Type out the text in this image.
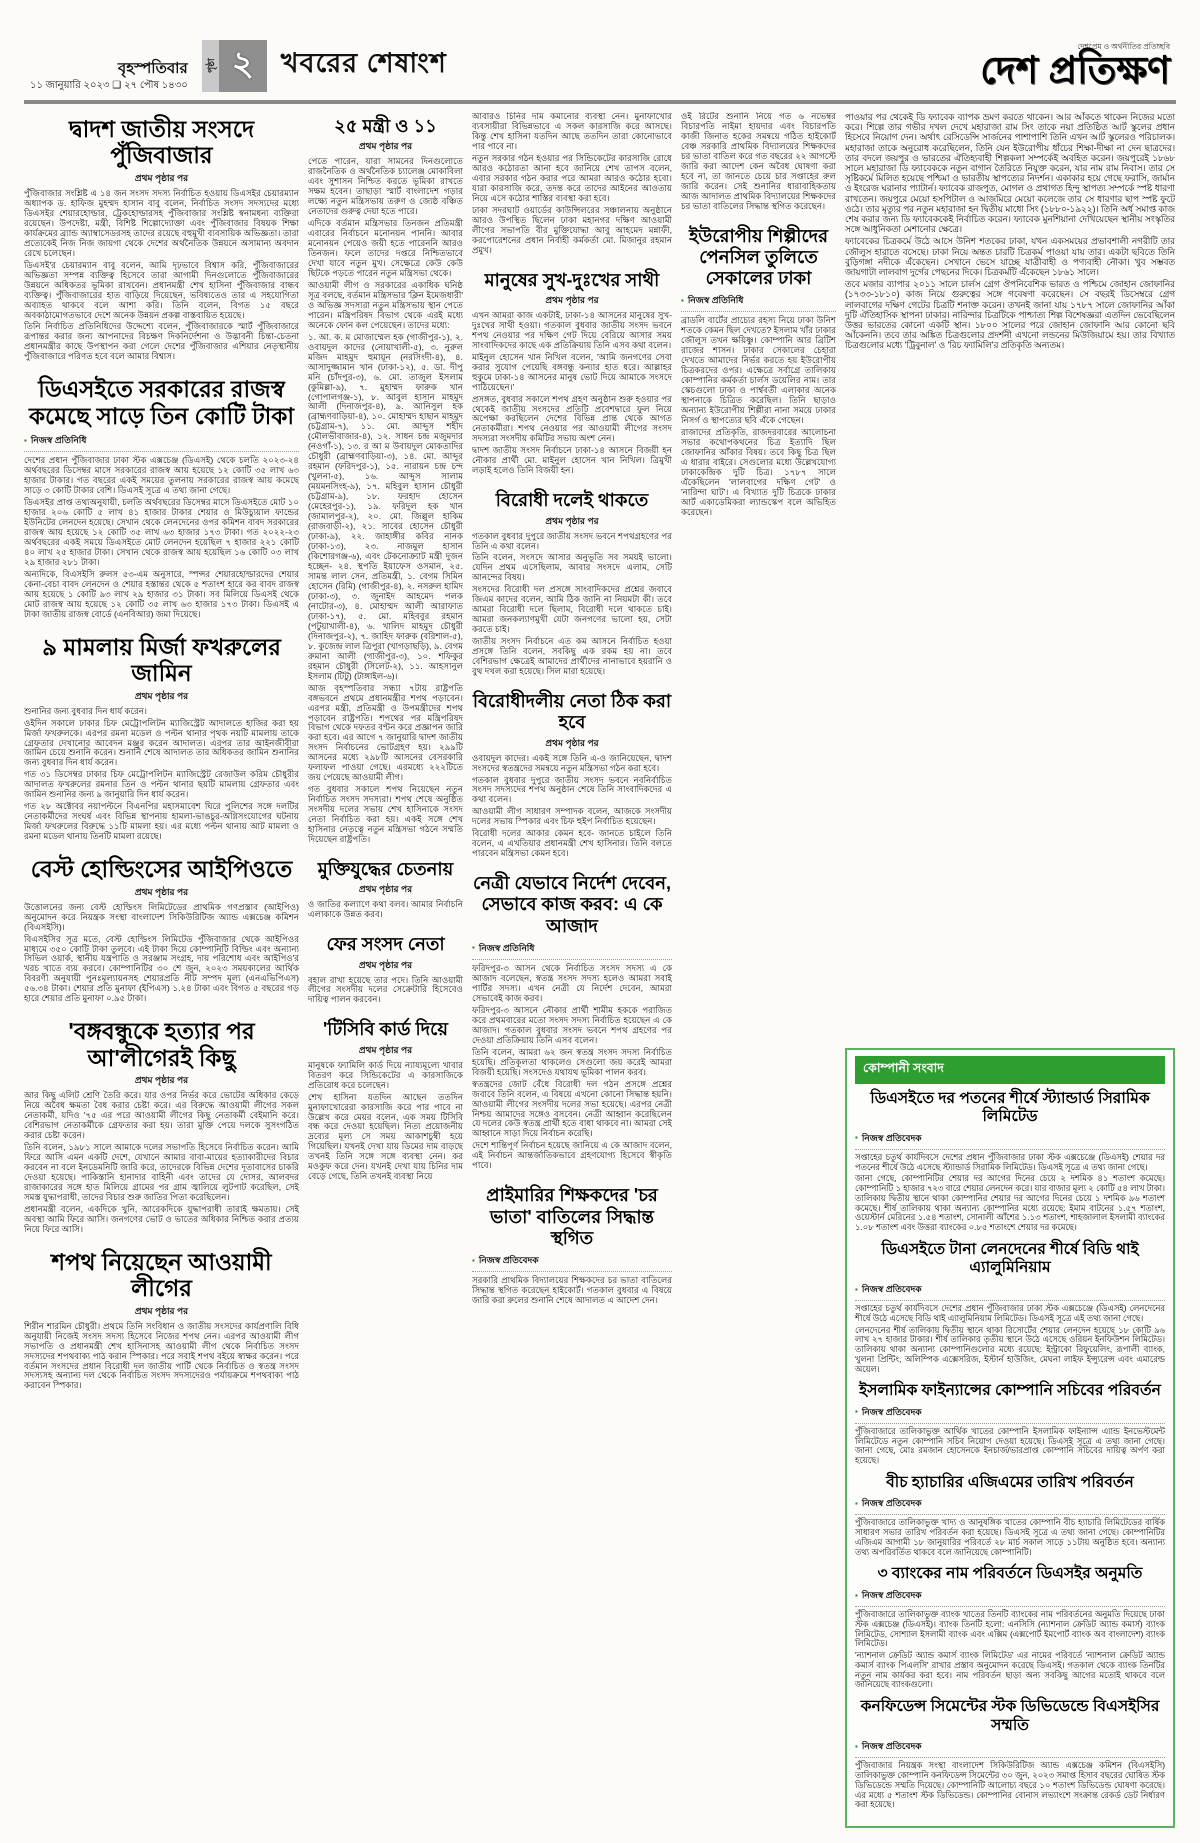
বৃহস্পতিবার
১১ জানুয়ারি ২০২৩ ❑ ২৭ পৌষ ১৪৩০
পৃষ্ঠা ২ খবরের শেষাংশ
দেশপ্রেম ও অর্থনীতির প্রতিচ্ছবি
দেশ প্রতিক্ষণ
দ্বাদশ জাতীয় সংসদে পুঁজিবাজার
প্রথম পৃষ্ঠার পর

পুঁজিবাজার সংশ্লিষ্ট এ ১৪ জন সংসদ সদস্য নির্বাচিত হওয়ায় ডিএসইর চেয়ারম্যান অধ্যাপক ড. হাফিজ মুহম্মদ হাসান বাবু বলেন, নির্বাচিত সংসদ সদস্যদের মধ্যে ডিএসইর শেয়ারহোল্ডার, ট্রেকহোল্ডারসহ পুঁজিবাজার সংশ্লিষ্ট স্বনামধন্য ব্যক্তিরা রয়েছেন। উপদেষ্টা, মন্ত্রী, বিশিষ্ট শিল্পোদ্যোক্তা এবং পুঁজিবাজার বিষয়ক শিক্ষা কার্যক্রমের ব্র্যান্ড অ্যাম্বাসেডরসহ তাদের রয়েছে বহুমুখী ব্যবসায়িক অভিজ্ঞতা। তারা প্রত্যেকেই নিজ নিজ জায়গা থেকে দেশের অর্থনৈতিক উন্নয়নে অসামান্য অবদান রেখে চলেছেন।

ডিএসই'র চেয়ারম্যান বাবু বলেন, আমি দৃঢ়ভাবে বিশ্বাস করি, পুঁজিবাজারের অভিজ্ঞতা সম্পন্ন ব্যক্তিত্ব হিসেবে তারা আগামী দিনগুলোতে পুঁজিবাজারের উন্নয়নে অধিকতর ভূমিকা রাখবেন। প্রধানমন্ত্রী শেখ হাসিনা পুঁজিবাজার বান্ধব ব্যক্তিত্ব। পুঁজিবাজারের হাত বাড়িয়ে দিয়েছেন, ভবিষ্যতেও তার এ সহযোগিতা অব্যাহত থাকবে বলে আশা করি। তিনি বলেন, বিগত ১৫ বছরে অবকাঠামোগতভাবে দেশে অনেক উন্নয়ন প্রকল্প বাস্তবায়িত হয়েছে।

তিনি নির্বাচিত প্রতিনিধিদের উদ্দেশ্যে বলেন, পুঁজিবাজারকে স্মার্ট পুঁজিবাজারে রূপান্তর করার জন্য আপনাদের বিচক্ষণ দিকনির্দেশনা ও উদ্ভাবনী চিন্তা-চেতনা প্রধানমন্ত্রীর কাছে উপস্থাপন করা গেলে দেশের পুঁজিবাজার এশিয়ার নেতৃস্থানীয় পুঁজিবাজারে পরিণত হবে বলে আমার বিশ্বাস।

ডিএসইতে সরকারের রাজস্ব কমেছে সাড়ে তিন কোটি টাকা
▪ নিজস্ব প্রতিনিধি

দেশের প্রধান পুঁজিবাজার ঢাকা স্টক এক্সচেঞ্জ (ডিএসই) থেকে চলতি ২০২৩-২৪ অর্থবছরের ডিসেম্বর মাসে সরকারের রাজস্ব আয় হয়েছে ১২ কোটি ৩৫ লাখ ৬৩ হাজার টাকার। গত বছরের একই সময়ের তুলনায় সরকারের রাজস্ব আয় কমেছে সাড়ে ৩ কোটি টাকার বেশি। ডিএসই সূত্রে এ তথ্য জানা গেছে।

ডিএসইর প্রাপ্ত তথ্যঅনুযায়ী, চলতি অর্থবছরের ডিসেম্বর মাসে ডিএসইতে মোট ১০ হাজার ২০৬ কোটি ৫ লাখ ৪১ হাজার টাকার শেয়ার ও মিউচ্যুয়াল ফান্ডের ইউনিটের লেনদেন হয়েছে। সেখান থেকে লেনদেনের ওপর কমিশন বাবদ সরকারের রাজস্ব আয় হয়েছে ১২ কোটি ৩৫ লাখ ৬৩ হাজার ১৭৩ টাকা। গত ২০২২-২৩ অর্থবছরের একই সময়ে ডিএসইতে মোট লেনদেন হয়েছিল ৭ হাজার ২২১ কোটি ৪০ লাখ ২৫ হাজার টাকা। সেখান থেকে রাজস্ব আয় হয়েছিল ১৬ কোটি ০৩ লাখ ২৯ হাজার ২৮১ টাকা।

অন্যদিকে, বিএসইসি রুলস ৫৩-এম অনুসারে, স্পন্সর শেয়ারহোল্ডারদের শেয়ার কেনা-বেচা বাবদ লেনদেন ও শেয়ার হস্তান্তর থেকে ৫ শতাংশ হারে কর বাবদ রাজস্ব আয় হয়েছে ১ কোটি ৯৩ লাখ ২৯ হাজার ৩১ টাকা। সব মিলিয়ে ডিএসই থেকে মোট রাজস্ব আয় হয়েছে ১২ কোটি ৩৫ লাখ ৬৩ হাজার ১৭৩ টাকা। ডিএসই এ টাকা জাতীয় রাজস্ব বোর্ডে (এনবিআর) জমা দিয়েছে।

৯ মামলায় মির্জা ফখরুলের জামিন
প্রথম পৃষ্ঠার পর

শুনানির জন্য বুধবার দিন ধার্য করেন।

ওইদিন সকালে ঢাকার চিফ মেট্রোপলিটন ম্যাজিস্ট্রেট আদালতে হাজির করা হয় মির্জা ফখরুলকে। এরপর রমনা মডেল ও পল্টন থানার পৃথক নয়টি মামলায় তাকে গ্রেফতার দেখানোর আবেদন মঞ্জুর করেন আদালত। এরপর তার আইনজীবীরা জামিন চেয়ে শুনানি করেন। শুনানি শেষে আদালত তার অধিকতর জামিন শুনানির জন্য বুধবার দিন ধার্য করেন।

গত ৩১ ডিসেম্বর ঢাকার চিফ মেট্রোপলিটন ম্যাজিস্ট্রেট রেজাউল করিম চৌধুরীর আদালত ফখরুলের রমনার তিন ও পল্টন থানার ছয়টি মামলায় গ্রেফতার এবং জামিন শুনানির জন্য ৯ জানুয়ারি দিন ধার্য করেন।

গত ২৮ অক্টোবর নয়াপল্টনে বিএনপির মহাসমাবেশ ঘিরে পুলিশের সঙ্গে দলটির নেতাকর্মীদের সংঘর্ষ এবং বিভিন্ন স্থাপনায় হামলা-ভাঙচুর-অগ্নিসংযোগের ঘটনায় মির্জা ফখরুলের বিরুদ্ধে ১১টি মামলা হয়। এর মধ্যে পল্টন থানায় আট মামলা ও রমনা মডেল থানায় তিনটি মামলা রয়েছে।

বেস্ট হোল্ডিংসের আইপিওতে
প্রথম পৃষ্ঠার পর

উত্তোলনের জন্য বেস্ট হোল্ডিংস লিমিটেডের প্রাথমিক গণপ্রস্তাব (আইপিও) অনুমোদন করে নিয়ন্ত্রক সংস্থা বাংলাদেশ সিকিউরিটিজ অ্যান্ড এক্সচেঞ্জ কমিশন (বিএসইসি)।

বিএসইসির সূত্র মতে, বেস্ট হোল্ডিংস লিমিটেড পুঁজিবাজার থেকে আইপিওর মাধ্যমে ৩৫০ কোটি টাকা তুলবে। এই টাকা দিয়ে কোম্পানিটি বিল্ডিং এবং অন্যান্য সিভিল ওয়ার্ক, স্থানীয় যন্ত্রপাতি ও সরঞ্জাম সংগ্রহ, দায় পরিশোধ এবং আইপিও'র খরচ খাতে ব্যয় করবে। কোম্পানিটির ৩০ শে জুন, ২০২৩ সময়কালের আর্থিক বিবরণী অনুযায়ী পুনঃমূল্যায়নসহ শেয়ারপ্রতি নীট সম্পদ মূল্য (এনএভিপিএস) ৫৬.৩৪ টাকা। শেয়ার প্রতি মুনাফা (ইপিএস) ১.২৪ টাকা এবং বিগত ৫ বছরের গড় হারে শেয়ার প্রতি মুনাফা ০.৯৫ টাকা।

'বঙ্গবন্ধুকে হত্যার পর আ'লীগেরই কিছু
প্রথম পৃষ্ঠার পর

আর কিছু এলিট শ্রেণি তৈরি করে। যার ওপর নির্ভর করে ভোটের অধিকার কেড়ে নিয়ে অবৈধ ক্ষমতা বৈধ করার চেষ্টা করে। এর বিরুদ্ধে আওয়ামী লীগের সকল নেতাকর্মী, যদিও '৭৫ এর পরে আওয়ামী লীগের কিছু নেতাকর্মী বেইমানি করে। বেশিরভাগ নেতাকর্মীকে গ্রেফতার করা হয়। তারা মুক্তি পেয়ে দলকে সুসংগঠিত করার চেষ্টা করেন।

তিনি বলেন, ১৯৮১ সালে আমাকে দলের সভাপতি হিসেবে নির্বাচিত করেন। আমি ফিরে আসি এমন একটি দেশে, যেখানে আমার বাবা-মায়ের হত্যাকারীদের বিচার করবেন না বলে ইনডেমনিটি জারি করে, তাদেরকে বিভিন্ন দেশের দূতাবাসের চাকরি দেওয়া হয়েছে। পাকিস্তানি হানাদার বাহিনী এবং তাদের যে দোসর, আলবদর রাজাকারের সঙ্গে হাত মিলিয়ে গ্রামের পর গ্রাম জ্বালিয়ে লুটপাট করেছিল, সেই সমস্ত যুদ্ধাপরাধী, তাদের বিচার শুরু জাতির পিতা করেছিলেন।

প্রধানমন্ত্রী বলেন, একদিকে খুনি, আরেকদিকে যুদ্ধাপরাধী তারাই ক্ষমতায়। সেই অবস্থা আমি ফিরে আসি। জনগণের ভোট ও ভাতের অধিকার নিশ্চিত করার প্রত্যয় নিয়ে ফিরে আসি।

শপথ নিয়েছেন আওয়ামী লীগের
প্রথম পৃষ্ঠার পর

শিরীন শারমিন চৌধুরী। প্রথমে তিনি সংবিধান ও জাতীয় সংসদের কার্যপ্রণালি বিধি অনুযায়ী নিজেই সংসদ সদস্য হিসেবে নিজের শপথ নেন। এরপর আওয়ামী লীগ সভাপতি ও প্রধানমন্ত্রী শেখ হাসিনাসহ আওয়ামী লীগ থেকে নির্বাচিত সংসদ সদস্যদের শপথবাক্য পাঠ করান স্পিকার। পরে সবাই শপথ বইয়ে স্বাক্ষর করেন। পরে বর্তমান সংসদের প্রধান বিরোধী দল জাতীয় পার্টি থেকে নির্বাচিত ও স্বতন্ত্র সংসদ সদস্যসহ অন্যান্য দল থেকে নির্বাচিত সংসদ সদস্যদেরও পর্যায়ক্রমে শপথবাক্য পাঠ করাবেন স্পিকার।

২৫ মন্ত্রী ও ১১
প্রথম পৃষ্ঠার পর

পেতে পারেন, যারা সামনের দিনগুলোতে রাজনৈতিক ও অর্থনৈতিক চ্যালেঞ্জ মোকাবিলা এবং সুশাসন নিশ্চিত করতে ভূমিকা রাখতে সক্ষম হবেন। তাছাড়া স্মার্ট বাংলাদেশ গড়ার লক্ষ্যে নতুন মন্ত্রিসভায় তরুণ ও জ্যেষ্ঠ বঞ্চিত নেতাদের গুরুত্ব দেয়া হতে পারে।

এদিকে বর্তমান মন্ত্রিসভার তিনজন প্রতিমন্ত্রী এবারের নির্বাচনে মনোনয়ন পাননি। আবার মনোনয়ন পেয়েও জয়ী হতে পারেননি আরও তিনজন। ফলে তাদের দপ্তরে নিশ্চিতভাবে দেখা যাবে নতুন মুখ। সেক্ষেত্রে কেউ কেউ ছিটকে পড়তে পারেন নতুন মন্ত্রিসভা থেকে।

আওয়ামী লীগ ও সরকারের একাধিক ঘনিষ্ঠ সূত্র বলছে, বর্তমান মন্ত্রিসভার 'ক্লিন ইমেজধারী' ও অভিজ্ঞ সদস্যরা নতুন মন্ত্রিসভায় স্থান পেতে পারেন। মন্ত্রিপরিষদ বিভাগ থেকে এরই মধ্যে অনেকে ফোন কল পেয়েছেন। তাদের মধ্যে:

১. আ. ক. ম মোজাম্মেল হক (গাজীপুর-১), ২. ওবায়দুল কাদের (নোয়াখালী-৫), ৩. নুরুল মজিদ মাহমুদ হুমায়ূন (নরসিংদী-৪), ৪. আসাদুজ্জামান খান (ঢাকা-১২), ৫. ডা. দীপু মনি (চাঁদপুর-৩), ৬. মো. তাজুল ইসলাম (কুমিল্লা-৯), ৭. মুহাম্মদ ফারুক খান (গোপালগঞ্জ-১), ৮. আবুল হাসান মাহমুদ আলী (দিনাজপুর-৪), ৯. আনিসুল হক (ব্রাহ্মণবাড়িয়া-৪), ১০. মোহাম্মদ হাছান মাহমুদ (চট্টগ্রাম-৭), ১১. মো. আব্দুস শহীদ (মৌলভীবাজার-৪), ১২. সাধন চন্দ্র মজুমদার (নওগাঁ-১), ১৩. র আ ম উবায়দুল মোকতাদির চৌধুরী (ব্রাহ্মণবাড়িয়া-৩), ১৪. মো. আব্দুর রহমান (ফরিদপুর-১), ১৫. নারায়ন চন্দ্র চন্দ (খুলনা-৫), ১৬. আব্দুস সালাম (ময়মনসিংহ-৯), ১৭. মহিবুল হাসান চৌধুরী (চট্টগ্রাম-৯), ১৮. ফরহাদ হোসেন (মেহেরপুর-১), ১৯. ফরিদুল হক খান (জামালপুর-২), ২০. মো. জিল্লুল হাকিম (রাজবাড়ী-২), ২১. সাবের হোসেন চৌধুরী (ঢাকা-৯), ২২. জাহাঙ্গীর কবির নানক (ঢাকা-১৩), ২৩. নাজমুল হাসান (কিশোরগঞ্জ-৬), এবং টেকনোক্র্যাট মন্ত্রী দুজন হচ্ছেন- ২৪. স্থপতি ইয়াফেস ওসমান, ২৫. সামন্ত লাল সেন, প্রতিমন্ত্রী, ১. বেগম সিমিন হোসেন (রিমি) (গাজীপুর-৪), ২. নসরুল হামিদ (ঢাকা-৩), ৩. জুনাইদ আহমেদ পলক (নাটোর-৩), ৪. মোহাম্মদ আলী আরাফাত (ঢাকা-১৭), ৫. মো. মহিববুর রহমান (পটুয়াখালী-৪), ৬. খালিদ মাহমুদ চৌধুরী (দিনাজপুর-২), ৭. জাহিদ ফারুক (বরিশাল-৫), ৮. কুজেন্দ্র লাল ত্রিপুরা (খাগড়াছড়ি), ৯. বেগম রুমানা আলী (গাজীপুর-৩), ১০. শফিকুর রহমান চৌধুরী (সিলেট-২), ১১. আহসানুল ইসলাম (টিটু) (টাঙ্গাইল-৬)।

আজ বৃহস্পতিবার সন্ধ্যা ৭টায় রাষ্ট্রপতি বঙ্গভবনে প্রথমে প্রধানমন্ত্রীর শপথ পড়াবেন। এরপর মন্ত্রী, প্রতিমন্ত্রী ও উপমন্ত্রীদের শপথ পড়াবেন রাষ্ট্রপতি। শপথের পর মন্ত্রিপরিষদ বিভাগ থেকে দফতর বণ্টন করে প্রজ্ঞাপন জারি করা হবে। এর আগে ৭ জানুয়ারি দ্বাদশ জাতীয় সংসদ নির্বাচনের ভোটগ্রহণ হয়। ২৯৯টি আসনের মধ্যে ২৯৮টি আসনের বেসরকারি ফলাফল পাওয়া গেছে। এরমধ্যে ২২২টিতে জয় পেয়েছে আওয়ামী লীগ।

গত বুধবার সকালে শপথ নিয়েছেন নতুন নির্বাচিত সংসদ সদস্যরা। শপথ শেষে অনুষ্ঠিত সংসদীয় দলের সভায় শেখ হাসিনাকে সংসদ নেতা নির্বাচিত করা হয়। একই সঙ্গে শেখ হাসিনার নেতৃত্বে নতুন মন্ত্রিসভা গঠনে সম্মতি দিয়েছেন রাষ্ট্রপতি।

মুক্তিযুদ্ধের চেতনায়
প্রথম পৃষ্ঠার পর

ও জাতির কল্যাণে কথা বলব। আমার নির্বাচনি এলাকাকে উন্নত করব।

ফের সংসদ নেতা
প্রথম পৃষ্ঠার পর

বহাল রাখা হয়েছে তার পদে। তিনি আওয়ামী লীগের সংসদীয় দলের সেক্রেটারি হিসেবেও দায়িত্ব পালন করবেন।

'টিসিবি কার্ড দিয়ে
প্রথম পৃষ্ঠার পর

মানুষকে ফ্যামিলি কার্ড দিয়ে ন্যায্যমূল্যে খাবার বিতরণ করে সিন্ডিকেটের এ কারসাজিকে প্রতিরোধ করে চলেছেন।

শেখ হাসিনা যতদিন আছেন ততদিন মুনাফাখোরেরা কারসাজি করে পার পাবে না উল্লেখ করে মেয়র বলেন, এক সময় টিসিবি বন্ধ করে দেওয়া হয়েছিল। নিত্য প্রয়োজনীয় দ্রব্যের মূল্য সে সময় আকাশচুম্বী হয়ে গিয়েছিল। যখনই দেখা যায় ডিমের দাম বাড়ছে তখনই তিনি সঙ্গে সঙ্গে ব্যবস্থা নেন। কর মওকুফ করে দেন। যখনই দেখা যায় চিনির দাম বেড়ে গেছে, তিনি তখনই ব্যবস্থা নিয়ে

আবারও চিনির দাম কমানোর ব্যবস্থা নেন। মুনাফাখোর ব্যবসায়ীরা বিভিন্নভাবে এ সকল কারসাজি করে আসছে। কিন্তু শেখ হাসিনা যতদিন আছে ততদিন তারা কোনোভাবে পার পাবে না।

নতুন সরকার গঠন হওয়ার পর সিন্ডিকেটের কারসাজি রোধে আরও কঠোরতা আনা হবে জানিয়ে শেখ তাপস বলেন, এবার সরকার গঠন করার পরে আমরা আরও কঠোর হবো। যারা কারসাজি করে, তদন্ত করে তাদের আইনের আওতায় নিয়ে এসে কঠোর শাস্তির ব্যবস্থা করা হবে।

ঢাকা সদরঘাট ওয়ার্ডের কাউন্সিলরের সঞ্চালনায় অনুষ্ঠানে আরও উপস্থিত ছিলেন ঢাকা মহানগর দক্ষিণ আওয়ামী লীগের সভাপতি বীর মুক্তিযোদ্ধা আবু আহমেদ মন্নাফী, করপোরেশনের প্রধান নির্বাহী কর্মকর্তা মো. মিজানুর রহমান প্রমুখ।

মানুষের সুখ-দুঃখের সাথী
প্রথম পৃষ্ঠার পর

এখন আমরা কাজ একটাই, ঢাকা-১৪ আসনের মানুষের সুখ-দুঃখের সাথী হওয়া। গতকাল বুধবার জাতীয় সংসদ ভবনে শপথ নেওয়ার পর দক্ষিণ গেট দিয়ে বেরিয়ে আসার সময় সাংবাদিকদের কাছে এক প্রতিক্রিয়ায় তিনি এসব কথা বলেন।

মাইনুল হোসেন খান নিখিল বলেন, 'আমি জনগণের সেবা করার সুযোগ পেয়েছি বঙ্গবন্ধু কন্যার হাত ধরে। আল্লাহর হুকুমে ঢাকা-১৪ আসনের মানুষ ভোট দিয়ে আমাকে সংসদে পাঠিয়েছেন।'

প্রসঙ্গত, বুধবার সকালে শপথ গ্রহণ অনুষ্ঠান শুরু হওয়ার পর থেকেই জাতীয় সংসদের প্রতিটি প্রবেশদ্বারে ফুল নিয়ে অপেক্ষা করছিলেন দেশের বিভিন্ন প্রান্ত থেকে আগত নেতাকর্মীরা। শপথ নেওয়ার পর আওয়ামী লীগের সংসদ সদস্যরা সংসদীয় কমিটির সভায় অংশ নেন।

দ্বাদশ জাতীয় সংসদ নির্বাচনে ঢাকা-১৪ আসনে বিজয়ী হন নৌকার প্রার্থী মো. মাইনুল হোসেন খান নিখিল। ত্রিমুখী লড়াই হলেও তিনি বিজয়ী হন।

বিরোধী দলেই থাকতে
প্রথম পৃষ্ঠার পর

গতকাল বুধবার দুপুরে জাতীয় সংসদ ভবনে শপথগ্রহণের পর তিনি এ কথা বলেন।

তিনি বলেন, সংসদে আসার অনুভূতি সব সময়ই ভালো। যেদিন প্রথম এসেছিলাম, আবার সংসদে এলাম, সেটি আনন্দের বিষয়।

সংসদের বিরোধী দল প্রসঙ্গে সাংবাদিকদের প্রশ্নের জবাবে জিএম কাদের বলেন, আমি ঠিক জানি না নিয়মটা কী। তবে আমরা বিরোধী দলে ছিলাম, বিরোধী দলে থাকতে চাই। আমরা জনকল্যাণমুখী যেটা জনগণের ভালো হয়, সেটা করতে চাই।

জাতীয় সংসদ নির্বাচনে এত কম আসনে নির্বাচিত হওয়া প্রসঙ্গে তিনি বলেন, সবকিছু এক রকম হয় না। তবে বেশিরভাগ ক্ষেত্রেই আমাদের প্রার্থীদের নানাভাবে হয়রানি ও বুথ দখল করা হয়েছে। সিল মারা হয়েছে।

বিরোধীদলীয় নেতা ঠিক করা হবে
প্রথম পৃষ্ঠার পর

ওবায়দুল কাদের। একই সঙ্গে তিনি এ-ও জানিয়েছেন, দ্বাদশ সংসদের স্বতন্ত্রদের সমন্বয়ে নতুন মন্ত্রিসভা গঠন করা হবে।

গতকাল বুধবার দুপুরে জাতীয় সংসদ ভবনে নবনির্বাচিত সংসদ সদস্যদের শপথ অনুষ্ঠান শেষে তিনি সাংবাদিকদের এ কথা বলেন।

আওয়ামী লীগ সাধারণ সম্পাদক বলেন, আজকে সংসদীয় দলের সভায় স্পিকার এবং চিফ হুইপ নির্বাচিত হয়েছেন।

বিরোধী দলের আকার কেমন হবে- জানতে চাইলে তিনি বলেন, এ এখতিয়ার প্রধানমন্ত্রী শেখ হাসিনার। তিনি বলতে পারবেন মন্ত্রিসভা কেমন হবে।

নেত্রী যেভাবে নির্দেশ দেবেন, সেভাবে কাজ করব: এ কে আজাদ
▪ নিজস্ব প্রতিনিধি

ফরিদপুর-৩ আসন থেকে নির্বাচিত সংসদ সদস্য এ কে আজাদ বলেছেন, স্বতন্ত্র সংসদ সদস্য হলেও আমরা সবাই পার্টির সদস্য। এখন নেত্রী যে নির্দেশ দেবেন, আমরা সেভাবেই কাজ করব।

ফরিদপুর-৩ আসনে নৌকার প্রার্থী শামীম হককে পরাজিত করে প্রথমবারের মতো সংসদ সদস্য নির্বাচিত হয়েছেন এ কে আজাদ। গতকাল বুধবার সংসদ ভবনে শপথ গ্রহণের পর দেওয়া প্রতিক্রিয়ায় তিনি এসব বলেন।

তিনি বলেন, আমরা ৬২ জন স্বতন্ত্র সংসদ সদস্য নির্বাচিত হয়েছি। প্রতিকূলতা থাকলেও সেগুলো জয় করেই আমরা বিজয়ী হয়েছি। সংসদেও যথাযথ ভূমিকা পালন করব।

স্বতন্ত্রদের জোট বেঁধে বিরোধী দল গঠন প্রসঙ্গে প্রশ্নের জবাবে তিনি বলেন, এ বিষয়ে এখনো কোনো সিদ্ধান্ত হয়নি। আওয়ামী লীগের সংসদীয় দলের সভা হয়েছে। এরপর নেত্রী নিশ্চয় আমাদের সঙ্গেও বসবেন। নেত্রী আহ্বান করেছিলেন যে দলের কেউ স্বতন্ত্র প্রার্থী হতে বাধা থাকবে না। আমরা সেই আহ্বানে সাড়া দিয়ে নির্বাচন করেছি।

দেশে শান্তিপূর্ণ নির্বাচন হয়েছে জানিয়ে এ কে আজাদ বলেন, এই নির্বাচন আন্তর্জাতিকভাবে গ্রহণযোগ্য হিসেবে স্বীকৃতি পাবে।

প্রাইমারির শিক্ষকদের 'চর ভাতা' বাতিলের সিদ্ধান্ত স্থগিত
▪ নিজস্ব প্রতিবেদক

সরকারি প্রাথমিক বিদ্যালয়ের শিক্ষকদের চর ভাতা বাতিলের সিদ্ধান্ত স্থগিত করেছেন হাইকোর্ট। গতকাল বুধবার এ বিষয়ে জারি করা রুলের শুনানি শেষে আদালত এ আদেশ দেন।

ওই রিটের শুনানি নিয়ে গত ৬ নভেম্বর বিচারপতি নাইমা হায়দার এবং বিচারপতি কাজী জিনাত হকের সমন্বয়ে গঠিত হাইকোর্ট বেঞ্চ সরকারি প্রাথমিক বিদ্যালয়ের শিক্ষকদের চর ভাতা বাতিল করে গত বছরের ২২ আগস্টে জারি করা আদেশ কেন অবৈধ ঘোষণা করা হবে না, তা জানতে চেয়ে চার সপ্তাহের রুল জারি করেন। সেই শুনানির ধারাবাহিকতায় আজ আদালত প্রাথমিক বিদ্যালয়ের শিক্ষকদের চর ভাতা বাতিলের সিদ্ধান্ত স্থগিত করেছেন।

ইউরোপীয় শিল্পীদের পেনসিল তুলিতে সেকালের ঢাকা
▪ নিজস্ব প্রতিনিধি

ব্রাডলি বার্টের প্রাচ্যের রহস্য নিয়ে ঢাকা উনিশ শতকে কেমন ছিল দেখতে? ইসলাম খাঁর ঢাকার জৌলুস তখন ক্ষয়িষ্ণু। কোম্পানি আর ব্রিটিশ রাজের শাসন। ঢাকার সেকালের চেহারা দেখতে আমাদের নির্ভর করতে হয় ইউরোপীয় চিত্রকরদের ওপর। এক্ষেত্রে সর্বাগ্রে তালিকায় কোম্পানির কর্মকর্তা চার্লস ডয়েলির নাম। তার স্কেচগুলো ঢাকা ও পার্শ্ববর্তী এলাকার অনেক স্থাপনাকে চিত্রিত করেছিল। তিনি ছাড়াও অন্যান্য ইউরোপীয় শিল্পীরা নানা সময়ে ঢাকার নিসর্গ ও স্থাপত্যের ছবি এঁকে গেছেন।

রাজাদের প্রতিকৃতি, রাজদরবারের আলোচনা সভার কথোপকথনের চিত্র ইত্যাদি ছিল জোফানির আঁকার বিষয়। তবে কিছু চিত্র ছিল এ ধারার বাইরে। সেগুলোর মধ্যে উল্লেখযোগ্য ঢাকাকেন্দ্রিক দুটি চিত্র। ১৭৮৭ সালে এঁকেছিলেন 'লালবাগের দক্ষিণ গেট' ও 'নারিন্দা ঘাট'। এ বিখ্যাত দুটি চিত্রকে ঢাকার আর্ট একাডেমিকরা ল্যান্ডস্কেপ বলে অভিহিত করেছেন।

পাওয়ার পর থেকেই ডি ফ্যাবেক ব্যাপক ভ্রমণ করতে থাকেন। আর আঁকতে থাকেন নিজের মতো করে। শিল্পে তার গভীর দখল দেখে মহারাজা রাম সিং তাকে নয়া প্রতিষ্ঠিত আর্ট স্কুলের প্রধান হিসেবে নিয়োগ দেন। অর্থাৎ রেসিডেন্সি সার্জনের পাশাপাশি তিনি এখন আর্ট স্কুলেরও পরিচালক। মহারাজা তাকে অনুরোধ করেছিলেন, তিনি যেন ইউরোপীয় ধাঁচের শিক্ষা-দীক্ষা না দেন ছাত্রদের। তার বদলে জয়পুর ও ভারতের ঐতিহ্যবাহী শিল্পকলা সম্পর্কেই অবহিত করেন। জয়পুরেই ১৮৬৮ সালে মহারাজা ডি ফ্যাবেককে নতুন বাগান তৈরিতে নিযুক্ত করেন, যার নাম রাম নিবাস। তার সে সৃষ্টিকর্মে মিলিত হয়েছে পশ্চিমা ও ভারতীয় স্থাপত্যের নিদর্শন। একাকার হয়ে গেছে ফরাসি, জার্মান ও ইংরেজ ঘরানার প্যাটার্ন। ফ্যাবেক রাজপুত, মোগল ও প্রথাগত হিন্দু স্থাপত্য সম্পর্কে স্পষ্ট ধারণা রাখতেন। জয়পুরে মেয়ো হসপিটাল ও আজমিরে মেয়ো কলেজে তার সে ধারণার ছাপ স্পষ্ট ফুটে ওঠে। তার মৃত্যুর পর নতুন মহারাজা হন দ্বিতীয় মাধো সিং (১৮৮০-১৯২২)। তিনি অর্ধ সমাপ্ত কাজ শেষ করার জন্য ডি ফ্যাবেককেই নির্বাচিত করেন। ফ্যাবেক মুনশিয়ানা দেখিয়েছেন স্থানীয় সংস্কৃতির সঙ্গে আধুনিকতা মেশানোর ক্ষেত্রে।

ফ্যাবেকের চিত্রকর্মে উঠে আসে উনিশ শতকের ঢাকা, যখন একসময়ের প্রভাবশালী নগরীটি তার জৌলুস হারাতে বসেছে। ঢাকা নিয়ে অন্তত চারটি চিত্রকর্ম পাওয়া যায় তার। একটা ছবিতে তিনি বুড়িগঙ্গা নদীকে এঁকেছেন। সেখানে ভেসে যাচ্ছে যাত্রীবাহী ও পণ্যবাহী নৌকা। খুব সম্ভবত জায়গাটা লালবাগ দুর্গের পেছনের দিকে। চিত্রকর্মটি এঁকেছেন ১৮৬১ সালে।

তবে মজার ব্যাপার ২০১১ সালে চার্লস গ্রেগ ঔপনিবেশিক ভারত ও পশ্চিমে জোহান জোফানির (১৭৩৩-১৮১০) কাজ নিয়ে গুরুত্বের সঙ্গে গবেষণা করেছেন। সে বছরই ডিসেম্বরে গ্রেগ লালবাগের দক্ষিণ গেটের চিত্রটি শনাক্ত করেন। তখনই জানা যায় ১৭৮৭ সালে জোফানির আঁকা দুটি ঐতিহাসিক স্থাপনা ঢাকার। নারিন্দার চিত্রটিকে পাশ্চাত্য শিল্প বিশেষজ্ঞরা এতদিন ভেবেছিলেন উত্তর ভারতের কোনো একটি স্থান। ১৮০০ সালের পরে জোহান জোফানি আর কোনো ছবি আঁকেননি। তবে তার অঙ্কিত চিত্রগুলোর প্রদর্শনী এখনো লন্ডনের মিউজিয়ামে হয়। তার বিখ্যাত চিত্রগুলোর মধ্যে 'ট্রিবুনাল' ও 'রিচ ফ্যামিলি'র প্রতিকৃতি অন্যতম।

কোম্পানী সংবাদ
ডিএসইতে দর পতনের শীর্ষে স্ট্যান্ডার্ড সিরামিক লিমিটেড
▪ নিজস্ব প্রতিবেদক

সপ্তাহের চতুর্থ কার্যদিবসে দেশের প্রধান পুঁজিবাজার ঢাকা স্টক এক্সচেঞ্জে (ডিএসই) শেয়ার দর পতনের শীর্ষে উঠে এসেছে স্ট্যান্ডার্ড সিরামিক লিমিটেড। ডিএসই সূত্রে এ তথ্য জানা গেছে।

জানা গেছে, কোম্পানিটির শেয়ার দর আগের দিনের চেয়ে ২ দশমিক ৪১ শতাংশ কমেছে। কোম্পানিটি ১ হাজার ৭২৩ বারে শেয়ার লেনদেন করে। যার বাজার মূল্য ২ কোটি ৫৪ লাখ টাকা। তালিকায় দ্বিতীয় স্থানে থাকা কোম্পানির শেয়ার দর আগের দিনের চেয়ে ১ দশমিক ৯৬ শতাংশ কমেছে। শীর্ষ তালিকায় থাকা অন্যান্য কোম্পানির মধ্যে রয়েছে: ইমাম বাটনের ১.৫৭ শতাংশ, ওয়েস্টার্ন মেরিনের ১.৫৪ শতাংশ, সোনালী আঁশের ১.১৩ শতাংশ, শাহজালাল ইসলামী ব্যাংকের ১.০৮ শতাংশ এবং উত্তরা ব্যাংকের ০.৮৫ শতাংশে শেয়ার দর কমেছে।

ডিএসইতে টানা লেনদেনের শীর্ষে বিডি থাই এ্যালুমিনিয়াম
▪ নিজস্ব প্রতিবেদক

সপ্তাহের চতুর্থ কার্যদিবসে দেশের প্রধান পুঁজিবাজার ঢাকা স্টক এক্সচেঞ্জে (ডিএসই) লেনদেনের শীর্ষে উঠে এসেছে বিডি থাই এ্যালুমিনিয়াম লিমিটেড। ডিএসই সূত্রে এই তথ্য জানা গেছে।

লেনদেনের শীর্ষ তালিকায় দ্বিতীয় স্থানে থাকা রিসোর্টের শেয়ার লেনদেন হয়েছে ১৮ কোটি ৯৬ লাখ ২৭ হাজার টাকার। শীর্ষ তালিকার তৃতীয় স্থানে উঠে এসেছে ওরিয়ন ইনফিউশন লিমিটেড। তালিকায় থাকা অন্যান্য কোম্পানিগুলোর মধ্যে রয়েছে: ইন্ট্রাকো রিফুয়েলিং, রূপালী ব্যাংক, খুলনা প্রিন্টিং, অলিম্পিক এক্সেসরিজ, ইস্টার্ন হাউজিং, মেঘনা লাইফ ইন্স্যুরেন্স এবং এমারেল্ড অয়েল।

ইসলামিক ফাইন্যান্সের কোম্পানি সচিবের পরিবর্তন
▪ নিজস্ব প্রতিবেদক

পুঁজিবাজারে তালিকাভুক্ত আর্থিক খাতের কোম্পানি ইসলামিক ফাইন্যান্স এ্যান্ড ইনভেস্টমেন্ট লিমিটেডে নতুন কোম্পানি সচিব নিয়োগ দেওয়া হয়েছে। ডিএসই সূত্রে এ তথ্য জানা গেছে। জানা গেছে, মোঃ রমজান হোসেনকে ইনচার্জ/ভারপ্রাপ্ত কোম্পানি সচিবের দায়িত্ব অর্পণ করা হয়েছে।

বীচ হ্যাচারির এজিএমের তারিখ পরিবর্তন
▪ নিজস্ব প্রতিবেদক

পুঁজিবাজারে তালিকাভুক্ত খাদ্য ও আনুষঙ্গিক খাতের কোম্পানি বীচ হ্যাচারি লিমিটেডের বার্ষিক সাধারণ সভার তারিখ পরিবর্তন করা হয়েছে। ডিএসই সূত্রে এ তথ্য জানা গেছে। কোম্পানিটির এজিএম আগামী ১৮ জানুয়ারির পরিবর্তে ২৮ মার্চ সকাল সাড়ে ১১টায় অনুষ্ঠিত হবে। অন্যান্য তথ্য অপরিবর্তিত থাকবে বলে জানিয়েছে কোম্পানিটি।

৩ ব্যাংকের নাম পরিবর্তনে ডিএসইর অনুমতি
▪ নিজস্ব প্রতিবেদক

পুঁজিবাজারে তালিকাভুক্ত ব্যাংক খাতের তিনটি ব্যাংকের নাম পরিবর্তনের অনুমতি দিয়েছে ঢাকা স্টক এক্সচেঞ্জ (ডিএসই)। ব্যাংক তিনটি হলো: এনসিসি (ন্যাশনাল ক্রেডিট অ্যান্ড কমার্স) ব্যাংক লিমিটেড, সোশ্যাল ইসলামী ব্যাংক এবং এক্সিম (এক্সপোর্ট ইমপোর্ট ব্যাংক অব বাংলাদেশ) ব্যাংক লিমিটেড।

'ন্যাশনাল ক্রেডিট অ্যান্ড কমার্স ব্যাংক লিমিটেড' এর নামের পরিবর্তে 'ন্যাশনাল ক্রেডিট অ্যান্ড কমার্স ব্যাংক পিএলসি' রাখার প্রস্তাব অনুমোদন করেছে ডিএসই। গতকাল থেকে ব্যাংক তিনটির নতুন নাম কার্যকর করা হবে। নাম পরিবর্তন ছাড়া অন্য সবকিছু আগের মতোই থাকবে বলে জানিয়েছে ব্যাংকগুলো।

কনফিডেন্স সিমেন্টের স্টক ডিভিডেন্ডে বিএসইসির সম্মতি
▪ নিজস্ব প্রতিবেদক

পুঁজিবাজার নিয়ন্ত্রক সংস্থা বাংলাদেশ সিকিউরিটিজ অ্যান্ড এক্সচেঞ্জ কমিশন (বিএসইসি) তালিকাভুক্ত কোম্পানি কনফিডেন্স সিমেন্টের ৩০ জুন, ২০২৩ সমাপ্ত হিসাব বছরের ঘোষিত স্টক ডিভিডেন্ডে সম্মতি দিয়েছে। কোম্পানিটি আলোচ্য বছরে ১০ শতাংশ ডিভিডেন্ড ঘোষণা করেছে। এর মধ্যে ৫ শতাংশ স্টক ডিভিডেন্ড। কোম্পানির বোনাস লভ্যাংশে সংক্রান্ত রেকর্ড ডেট নির্ধারণ করা হয়েছে।
